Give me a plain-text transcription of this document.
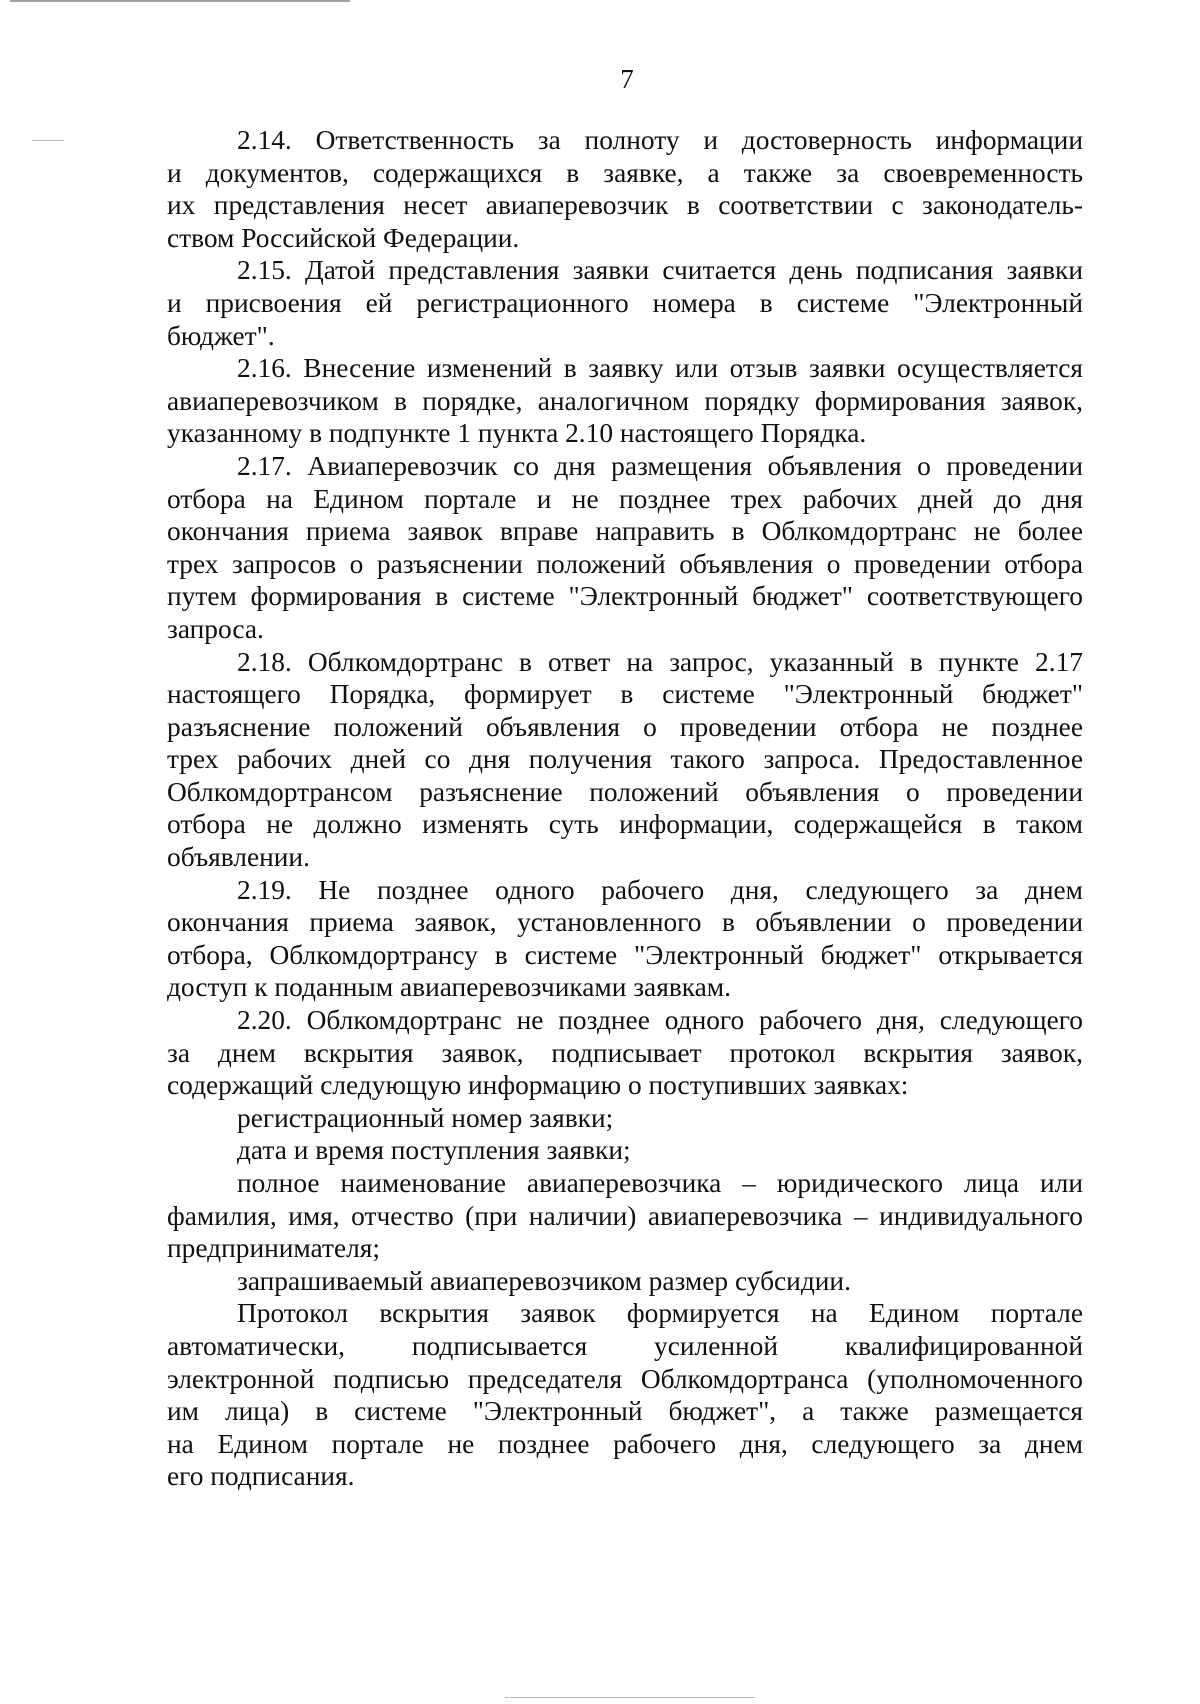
7
2.14. Ответственность за полноту и достоверность информации
и документов, содержащихся в заявке, а также за своевременность
их представления несет авиаперевозчик в соответствии с законодатель-
ством Российской Федерации.
2.15. Датой представления заявки считается день подписания заявки
и присвоения ей регистрационного номера в системе "Электронный
бюджет".
2.16. Внесение изменений в заявку или отзыв заявки осуществляется
авиаперевозчиком в порядке, аналогичном порядку формирования заявок,
указанному в подпункте 1 пункта 2.10 настоящего Порядка.
2.17. Авиаперевозчик со дня размещения объявления о проведении
отбора на Едином портале и не позднее трех рабочих дней до дня
окончания приема заявок вправе направить в Облкомдортранс не более
трех запросов о разъяснении положений объявления о проведении отбора
путем формирования в системе "Электронный бюджет" соответствующего
запроса.
2.18. Облкомдортранс в ответ на запрос, указанный в пункте 2.17
настоящего Порядка, формирует в системе "Электронный бюджет"
разъяснение положений объявления о проведении отбора не позднее
трех рабочих дней со дня получения такого запроса. Предоставленное
Облкомдортрансом разъяснение положений объявления о проведении
отбора не должно изменять суть информации, содержащейся в таком
объявлении.
2.19. Не позднее одного рабочего дня, следующего за днем
окончания приема заявок, установленного в объявлении о проведении
отбора, Облкомдортрансу в системе "Электронный бюджет" открывается
доступ к поданным авиаперевозчиками заявкам.
2.20. Облкомдортранс не позднее одного рабочего дня, следующего
за днем вскрытия заявок, подписывает протокол вскрытия заявок,
содержащий следующую информацию о поступивших заявках:
регистрационный номер заявки;
дата и время поступления заявки;
полное наименование авиаперевозчика – юридического лица или
фамилия, имя, отчество (при наличии) авиаперевозчика – индивидуального
предпринимателя;
запрашиваемый авиаперевозчиком размер субсидии.
Протокол вскрытия заявок формируется на Едином портале
автоматически, подписывается усиленной квалифицированной
электронной подписью председателя Облкомдортранса (уполномоченного
им лица) в системе "Электронный бюджет", а также размещается
на Едином портале не позднее рабочего дня, следующего за днем
его подписания.
